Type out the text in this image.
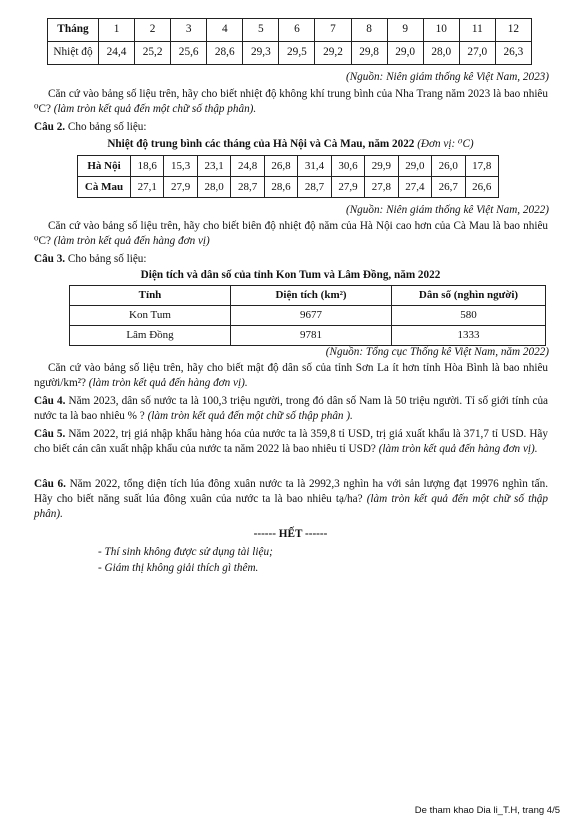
Tháng	1	2	3	4	5	6	7	8	9	10	11	12
Nhiệt độ	24,4	25,2	25,6	28,6	29,3	29,5	29,2	29,8	29,0	28,0	27,0	26,3
(Nguồn: Niên giám thống kê Việt Nam, 2023)
Căn cứ vào bảng số liệu trên, hãy cho biết nhiệt độ không khí trung bình của Nha Trang năm 2023 là bao nhiêu ⁰C? (làm tròn kết quả đến một chữ số thập phân).
Câu 2. Cho bảng số liệu:
Nhiệt độ trung bình các tháng của Hà Nội và Cà Mau, năm 2022 (Đơn vị: ⁰C)
Hà Nội	18,6	15,3	23,1	24,8	26,8	31,4	30,6	29,9	29,0	26,0	17,8
Cà Mau	27,1	27,9	28,0	28,7	28,6	28,7	27,9	27,8	27,4	26,7	26,6
(Nguồn: Niên giám thống kê Việt Nam, 2022)
Căn cứ vào bảng số liệu trên, hãy cho biết biên độ nhiệt độ năm của Hà Nội cao hơn của Cà Mau là bao nhiêu ⁰C? (làm tròn kết quả đến hàng đơn vị)
Câu 3. Cho bảng số liệu:
Diện tích và dân số của tỉnh Kon Tum và Lâm Đồng, năm 2022
Tỉnh	Diện tích (km²)	Dân số (nghìn người)
Kon Tum	9677	580
Lâm Đồng	9781	1333
(Nguồn: Tổng cục Thống kê Việt Nam, năm 2022)
Căn cứ vào bảng số liệu trên, hãy cho biết mật độ dân số của tỉnh Sơn La ít hơn tỉnh Hòa Bình là bao nhiêu người/km²? (làm tròn kết quả đến hàng đơn vị).
Câu 4. Năm 2023, dân số nước ta là 100,3 triệu người, trong đó dân số Nam là 50 triệu người. Tỉ số giới tính của nước ta là bao nhiêu % ? (làm tròn kết quả đến một chữ số thập phân ).
Câu 5. Năm 2022, trị giá nhập khẩu hàng hóa của nước ta là 359,8 tỉ USD, trị giá xuất khẩu là 371,7 tỉ USD. Hãy cho biết cán cân xuất nhập khẩu của nước ta năm 2022 là bao nhiêu tỉ USD? (làm tròn kết quả đến hàng đơn vị).
Câu 6. Năm 2022, tổng diện tích lúa đông xuân nước ta là 2992,3 nghìn ha với sản lượng đạt 19976 nghìn tấn. Hãy cho biết năng suất lúa đông xuân của nước ta là bao nhiêu tạ/ha? (làm tròn kết quả đến một chữ số thập phân).
------ HẾT ------
- Thí sinh không được sử dụng tài liệu;
- Giám thị không giải thích gì thêm.
De tham khao Dia li_T.H, trang 4/5
